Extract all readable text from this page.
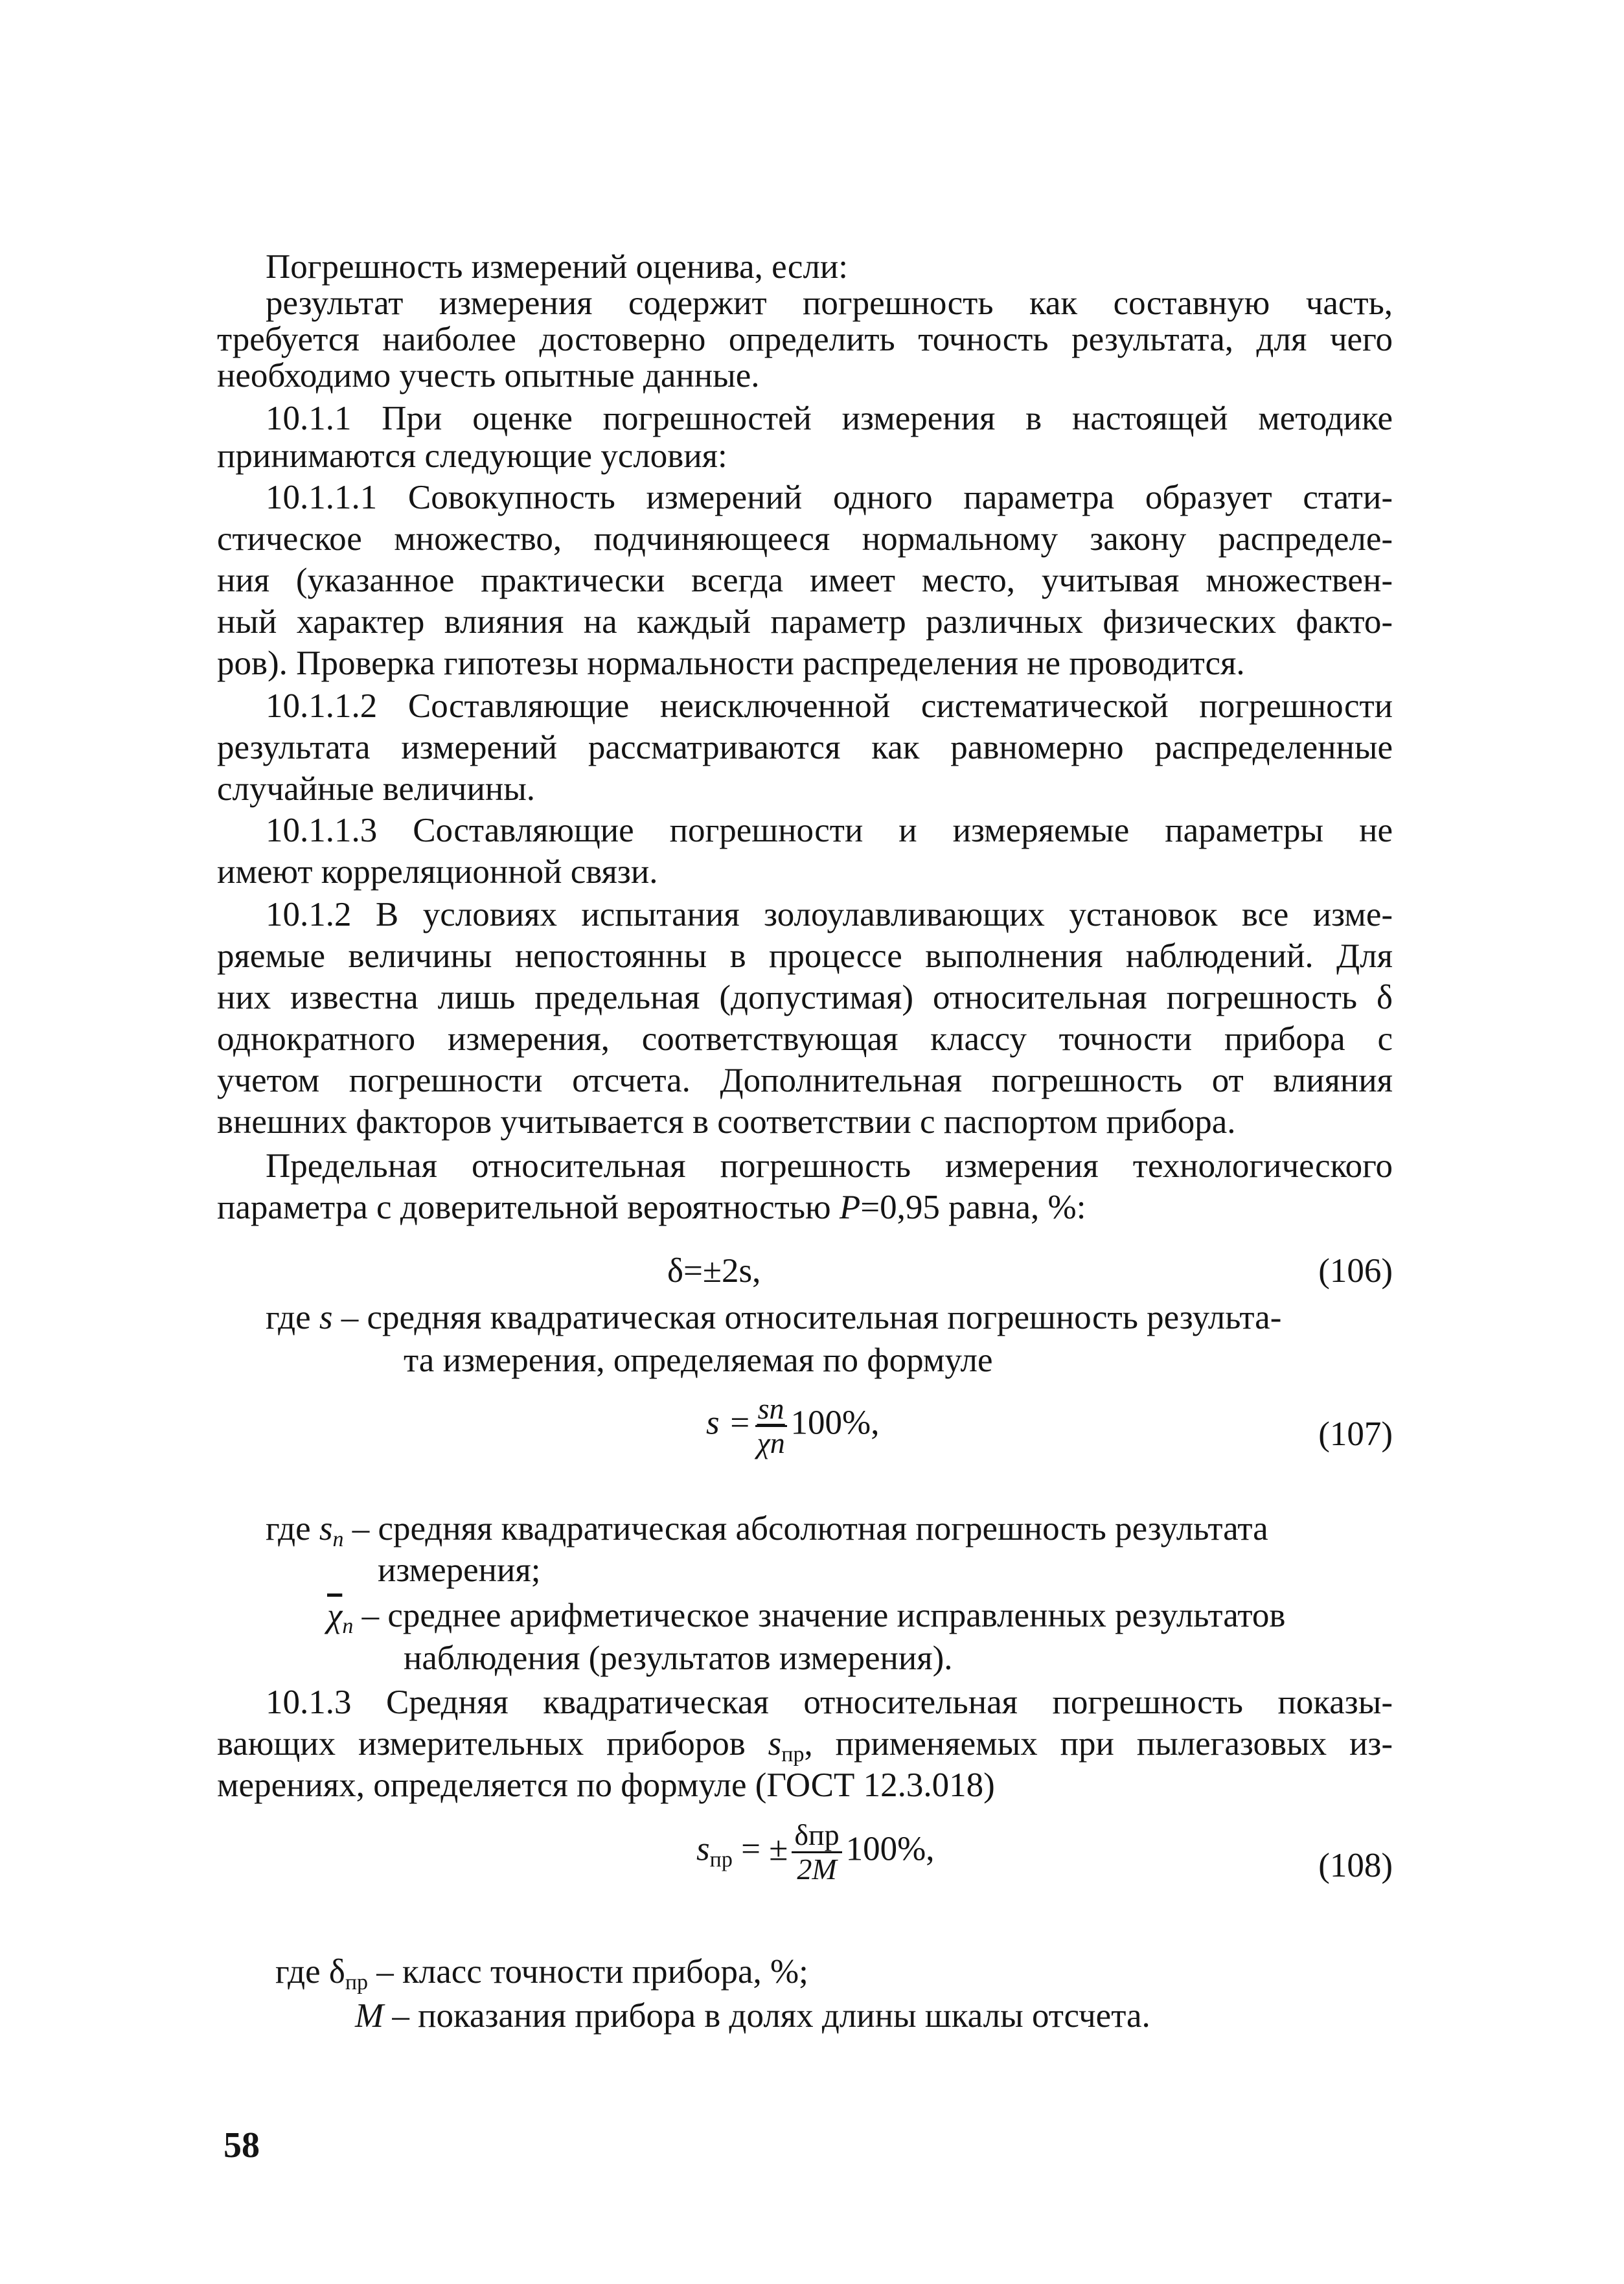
Погрешность измерений оценива, если:
результат измерения содержит погрешность как составную часть,
требуется наиболее достоверно определить точность результата, для чего
необходимо учесть опытные данные.
10.1.1 При оценке погрешностей измерения в настоящей методике
принимаются следующие условия:
10.1.1.1 Совокупность измерений одного параметра образует стати-
стическое множество, подчиняющееся нормальному закону распределе-
ния (указанное практически всегда имеет место, учитывая множествен-
ный характер влияния на каждый параметр различных физических факто-
ров). Проверка гипотезы нормальности распределения не проводится.
10.1.1.2 Составляющие неисключенной систематической погрешности
результата измерений рассматриваются как равномерно распределенные
случайные величины.
10.1.1.3 Составляющие погрешности и измеряемые параметры не
имеют корреляционной связи.
10.1.2 В условиях испытания золоулавливающих установок все изме-
ряемые величины непостоянны в процессе выполнения наблюдений. Для
них известна лишь предельная (допустимая) относительная погрешность δ
однократного измерения, соответствующая классу точности прибора с
учетом погрешности отсчета. Дополнительная погрешность от влияния
внешних факторов учитывается в соответствии с паспортом прибора.
Предельная относительная погрешность измерения технологического
параметра с доверительной вероятностью P=0,95 равна, %:
δ=±2s,	(106)
где s – средняя квадратическая относительная погрешность результа-
та измерения, определяемая по формуле
$s = \frac{sn}{\chi n} 100\%$,	(107)
где $s_n$ – средняя квадратическая абсолютная погрешность результата
измерения;
$\overline{\chi}_n$ – среднее арифметическое значение исправленных результатов
наблюдения (результатов измерения).
10.1.3 Средняя квадратическая относительная погрешность показы-
вающих измерительных приборов $s_{пр}$, применяемых при пылегазовых из-
мерениях, определяется по формуле (ГОСТ 12.3.018)
$s_{пр}$ = ± $\frac{\text{δпр}}{2M} 100\%$,	(108)
где $\delta_{пр}$ – класс точности прибора, %;
M – показания прибора в долях длины шкалы отсчета.
58
